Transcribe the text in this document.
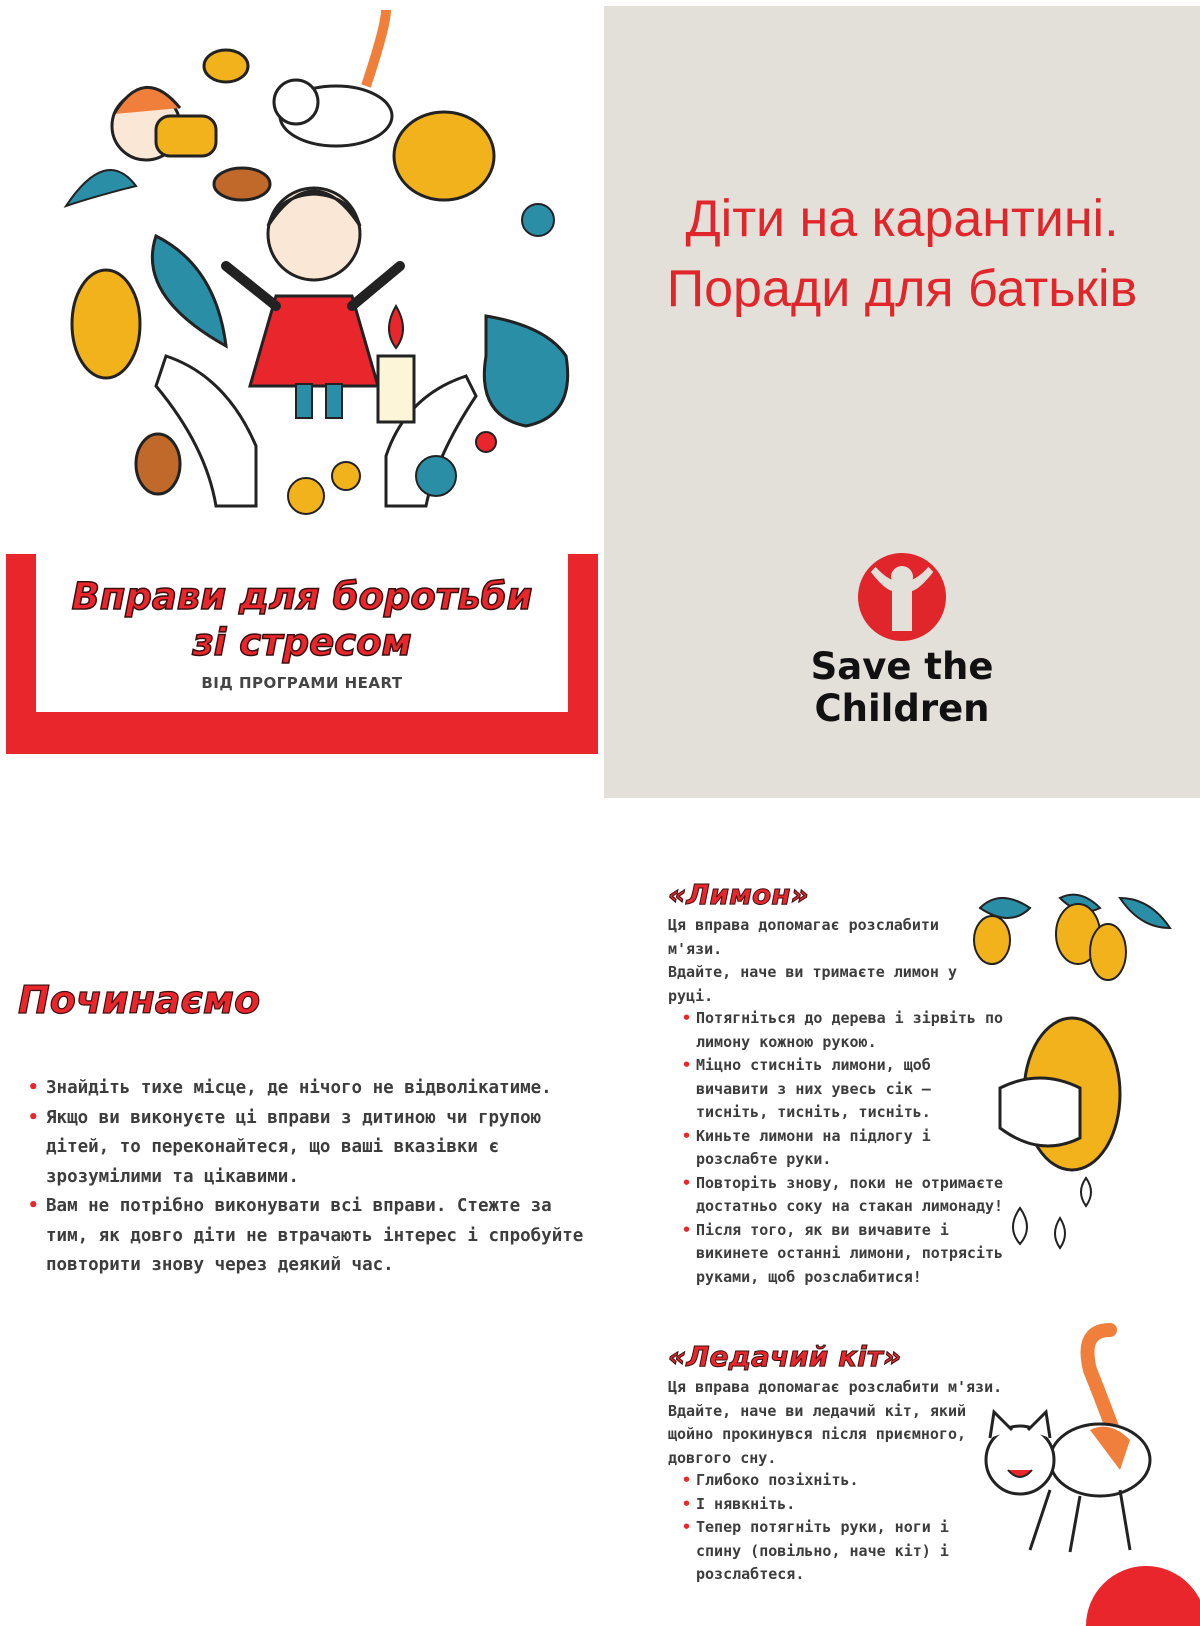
Вправи для боротьби
зі стресом
ВІД ПРОГРАМИ HEART
Діти на карантині.
Поради для батьків
Save the
Children
Починаємо
• Знайдіть тихе місце, де нічого не відволікатиме.
• Якщо ви виконуєте ці вправи з дитиною чи групою дітей, то переконайтеся, що ваші вказівки є зрозумілими та цікавими.
• Вам не потрібно виконувати всі вправи. Стежте за тим, як довго діти не втрачають інтерес і спробуйте повторити знову через деякий час.
«Лимон»

Ця вправа допомагає розслабити м'язи.

Вдайте, наче ви тримаєте лимон у руці.

• Потягніться до дерева і зірвіть по лимону кожною рукою.
• Міцно стисніть лимони, щоб вичавити з них увесь сік – тисніть, тисніть, тисніть.
• Киньте лимони на підлогу і розслабте руки.
• Повторіть знову, поки не отримаєте достатньо соку на стакан лимонаду!
• Після того, як ви вичавите і викинете останні лимони, потрясіть руками, щоб розслабитися!
«Ледачий кіт»

Ця вправа допомагає розслабити м'язи.

Вдайте, наче ви ледачий кіт, який щойно прокинувся після приємного, довгого сну.

• Глибоко позіхніть.
• І нявкніть.
• Тепер потягніть руки, ноги і спину (повільно, наче кіт) і розслабтеся.
